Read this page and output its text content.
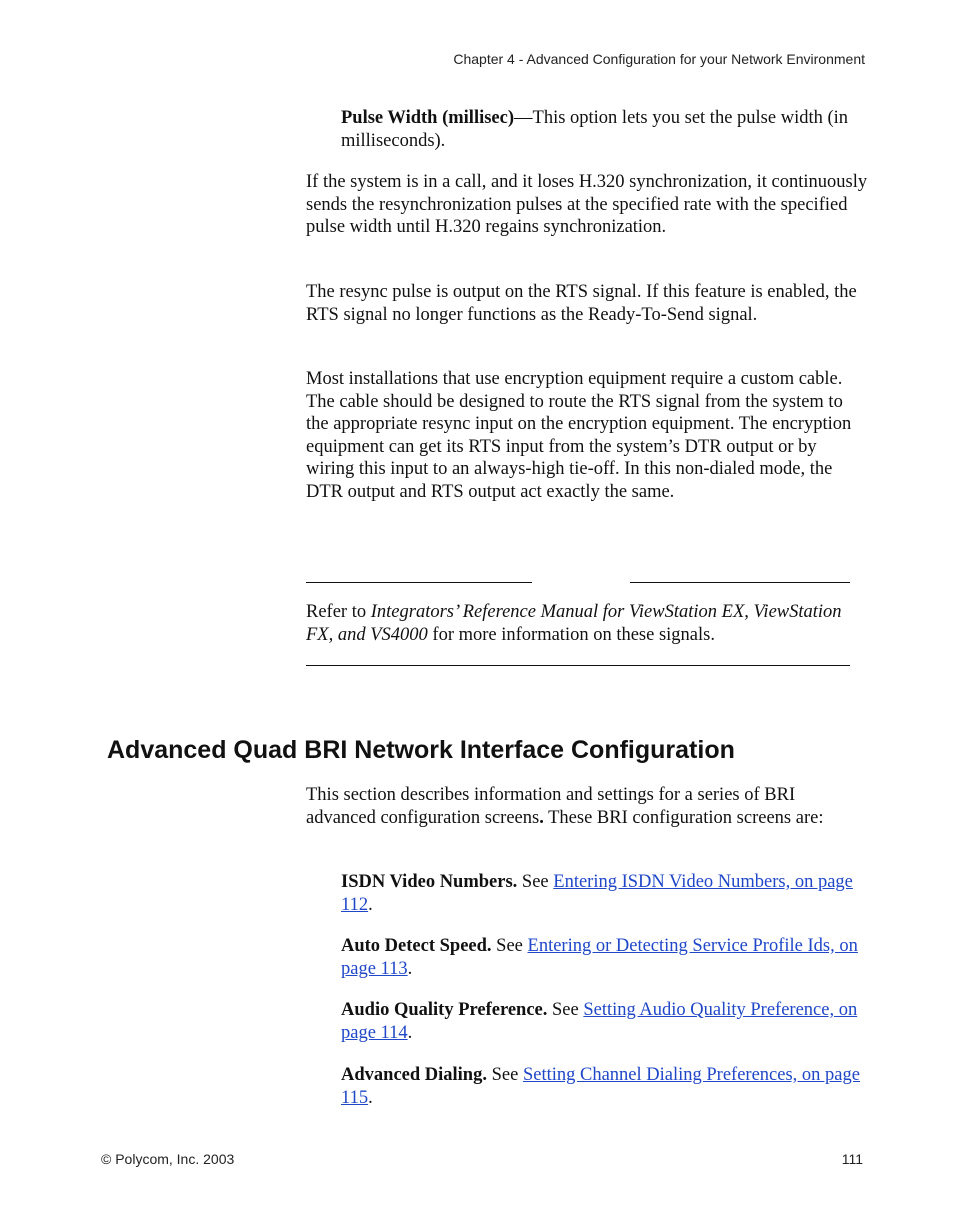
Chapter 4 - Advanced Configuration for your Network Environment

Pulse Width (millisec)—This option lets you set the pulse width (in milliseconds).

If the system is in a call, and it loses H.320 synchronization, it continuously sends the resynchronization pulses at the specified rate with the specified pulse width until H.320 regains synchronization.

The resync pulse is output on the RTS signal. If this feature is enabled, the RTS signal no longer functions as the Ready-To-Send signal.

Most installations that use encryption equipment require a custom cable. The cable should be designed to route the RTS signal from the system to the appropriate resync input on the encryption equipment. The encryption equipment can get its RTS input from the system’s DTR output or by wiring this input to an always-high tie-off. In this non-dialed mode, the DTR output and RTS output act exactly the same.

Refer to Integrators’ Reference Manual for ViewStation EX, ViewStation FX, and VS4000 for more information on these signals.

Advanced Quad BRI Network Interface Configuration

This section describes information and settings for a series of BRI advanced configuration screens. These BRI configuration screens are:

ISDN Video Numbers. See Entering ISDN Video Numbers, on page 112.

Auto Detect Speed. See Entering or Detecting Service Profile Ids, on page 113.

Audio Quality Preference. See Setting Audio Quality Preference, on page 114.

Advanced Dialing. See Setting Channel Dialing Preferences, on page 115.

© Polycom, Inc. 2003	111
